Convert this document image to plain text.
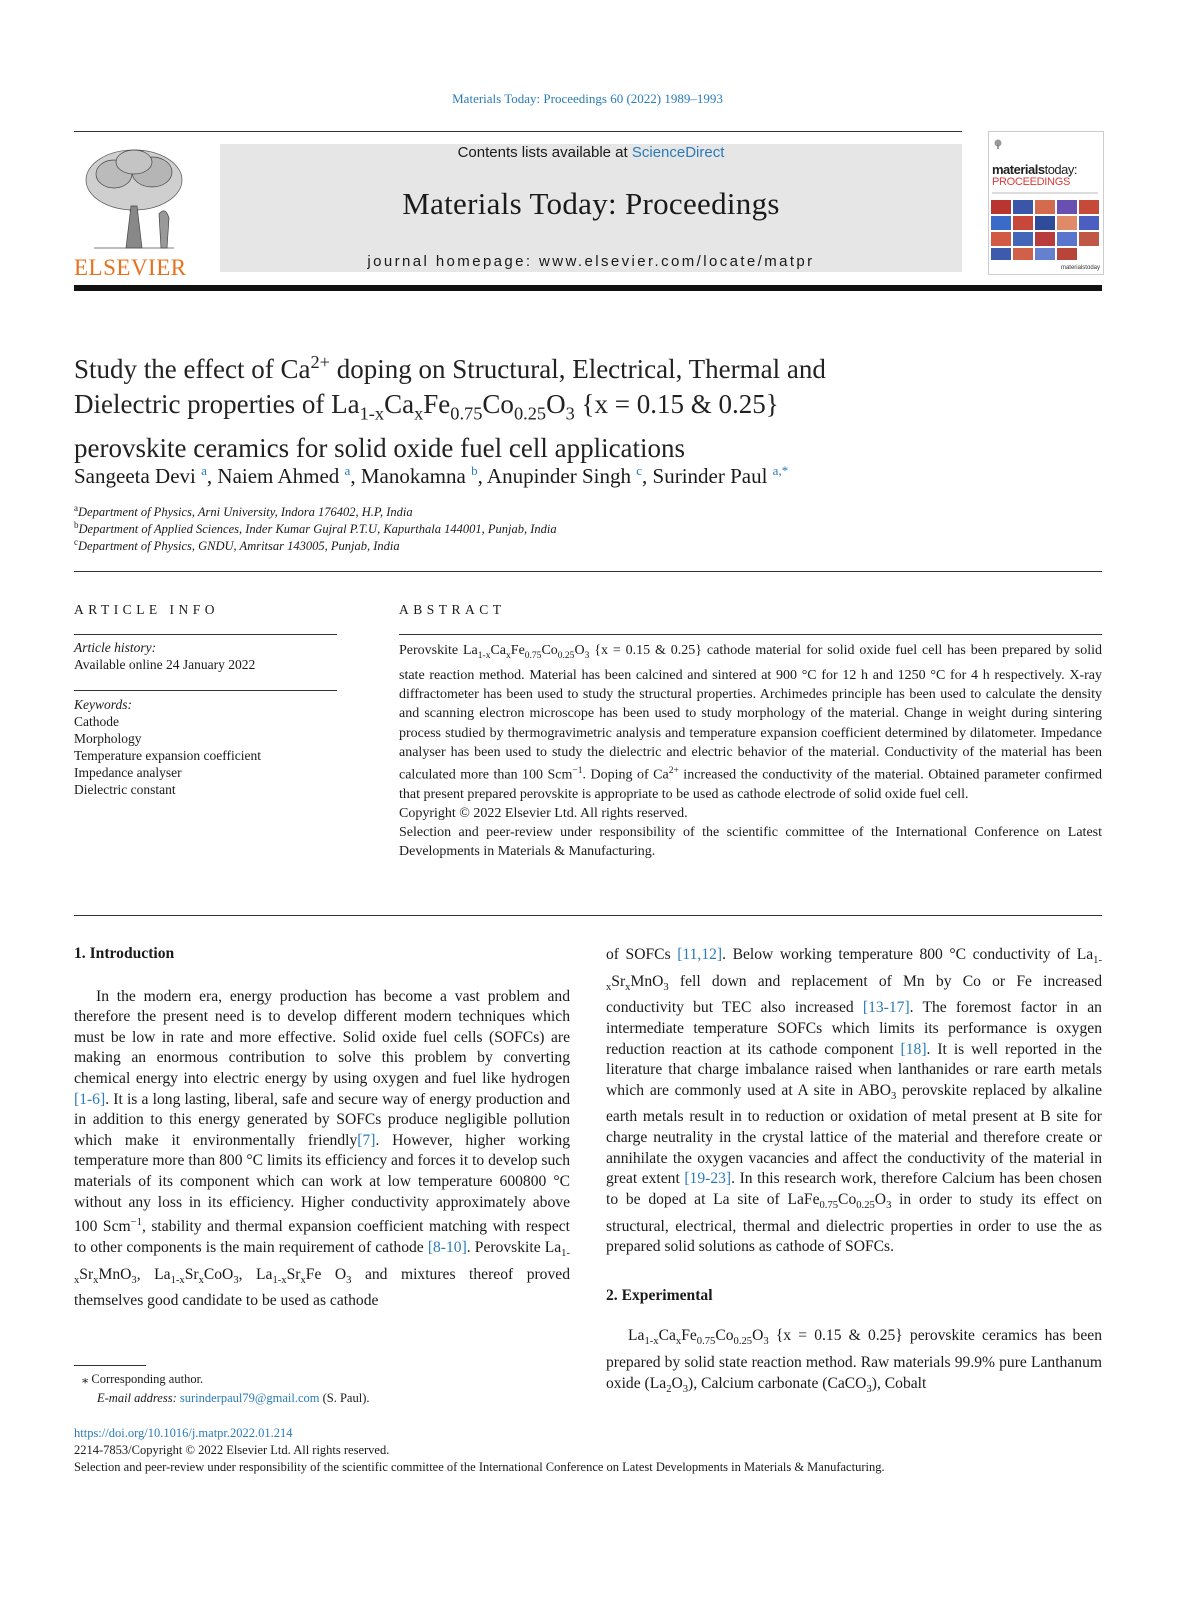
Materials Today: Proceedings 60 (2022) 1989–1993
ELSEVIER
Contents lists available at ScienceDirect
Materials Today: Proceedings
journal homepage: www.elsevier.com/locate/matpr
materialstoday:
PROCEEDINGS
materialstoday
Study the effect of $Ca^{2+}$ doping on Structural, Electrical, Thermal and
Dielectric properties of $La_{1-x}Ca_xFe_{0.75}Co_{0.25}O_3$ {x = 0.15 & 0.25}
perovskite ceramics for solid oxide fuel cell applications
Sangeeta Devi $^a$, Naiem Ahmed $^a$, Manokamna $^b$, Anupinder Singh $^c$, Surinder Paul $^{a,*}$
$^a$Department of Physics, Arni University, Indora 176402, H.P, India
$^b$Department of Applied Sciences, Inder Kumar Gujral P.T.U, Kapurthala 144001, Punjab, India
$^c$Department of Physics, GNDU, Amritsar 143005, Punjab, India
ARTICLE INFO
Article history:
Available online 24 January 2022
Keywords:
Cathode
Morphology
Temperature expansion coefficient
Impedance analyser
Dielectric constant
ABSTRACT
Perovskite $La_{1-x}Ca_xFe_{0.75}Co_{0.25}O_3$ {x = 0.15 & 0.25} cathode material for solid oxide fuel cell has been prepared by solid state reaction method. Material has been calcined and sintered at 900 °C for 12 h and 1250 °C for 4 h respectively. X-ray diffractometer has been used to study the structural properties. Archimedes principle has been used to calculate the density and scanning electron microscope has been used to study morphology of the material. Change in weight during sintering process studied by thermogravimetric analysis and temperature expansion coefficient determined by dilatometer. Impedance analyser has been used to study the dielectric and electric behavior of the material. Conductivity of the material has been calculated more than 100 Scm$^{-1}$. Doping of $Ca^{2+}$ increased the conductivity of the material. Obtained parameter confirmed that present prepared perovskite is appropriate to be used as cathode electrode of solid oxide fuel cell.
Copyright © 2022 Elsevier Ltd. All rights reserved.
Selection and peer-review under responsibility of the scientific committee of the International Conference on Latest Developments in Materials & Manufacturing.
1. Introduction

In the modern era, energy production has become a vast problem and therefore the present need is to develop different modern techniques which must be low in rate and more effective. Solid oxide fuel cells (SOFCs) are making an enormous contribution to solve this problem by converting chemical energy into electric energy by using oxygen and fuel like hydrogen [1-6]. It is a long lasting, liberal, safe and secure way of energy production and in addition to this energy generated by SOFCs produce negligible pollution which make it environmentally friendly[7]. However, higher working temperature more than 800 °C limits its efficiency and forces it to develop such materials of its component which can work at low temperature 600800 °C without any loss in its efficiency. Higher conductivity approximately above 100 Scm$^{-1}$, stability and thermal expansion coefficient matching with respect to other components is the main requirement of cathode [8-10]. Perovskite $La_{1-x}Sr_xMnO_3$, $La_{1-x}Sr_xCoO_3$, $La_{1-x}Sr_xFe$ $O_3$ and mixtures thereof proved themselves good candidate to be used as cathode

of SOFCs [11,12]. Below working temperature 800 °C conductivity of $La_{1-x}Sr_xMnO_3$ fell down and replacement of Mn by Co or Fe increased conductivity but TEC also increased [13-17]. The foremost factor in an intermediate temperature SOFCs which limits its performance is oxygen reduction reaction at its cathode component [18]. It is well reported in the literature that charge imbalance raised when lanthanides or rare earth metals which are commonly used at A site in $ABO_3$ perovskite replaced by alkaline earth metals result in to reduction or oxidation of metal present at B site for charge neutrality in the crystal lattice of the material and therefore create or annihilate the oxygen vacancies and affect the conductivity of the material in great extent [19-23]. In this research work, therefore Calcium has been chosen to be doped at La site of $LaFe_{0.75}Co_{0.25}O_3$ in order to study its effect on structural, electrical, thermal and dielectric properties in order to use the as prepared solid solutions as cathode of SOFCs.

2. Experimental

$La_{1-x}Ca_xFe_{0.75}Co_{0.25}O_3$ {x = 0.15 & 0.25} perovskite ceramics has been prepared by solid state reaction method. Raw materials 99.9% pure Lanthanum oxide $(La_2O_3)$, Calcium carbonate (CaCO$_3$), Cobalt

⁎ Corresponding author.
E-mail address: surinderpaul79@gmail.com (S. Paul).
https://doi.org/10.1016/j.matpr.2022.01.214
2214-7853/Copyright © 2022 Elsevier Ltd. All rights reserved.
Selection and peer-review under responsibility of the scientific committee of the International Conference on Latest Developments in Materials & Manufacturing.
